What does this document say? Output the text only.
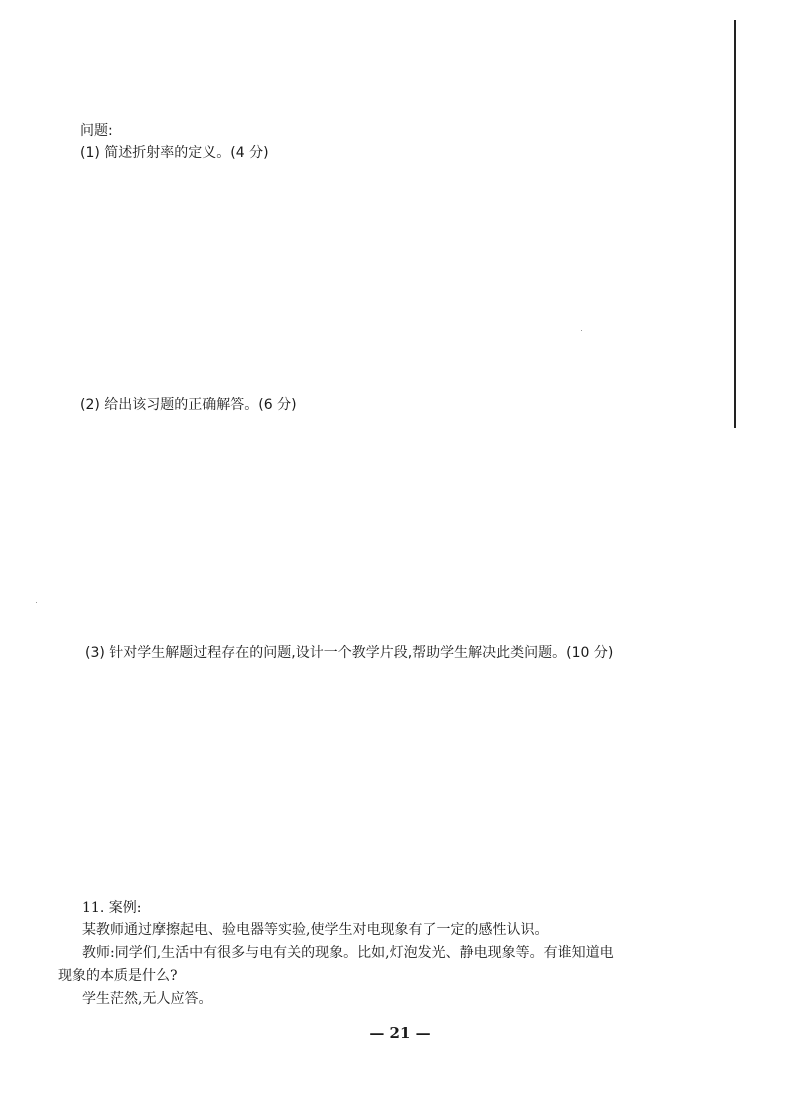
问题:
(1) 简述折射率的定义。(4 分)
(2) 给出该习题的正确解答。(6 分)
(3) 针对学生解题过程存在的问题,设计一个教学片段,帮助学生解决此类问题。(10 分)
11. 案例:
某教师通过摩擦起电、验电器等实验,使学生对电现象有了一定的感性认识。
教师:同学们,生活中有很多与电有关的现象。比如,灯泡发光、静电现象等。有谁知道电
现象的本质是什么?
学生茫然,无人应答。
— 21 —
